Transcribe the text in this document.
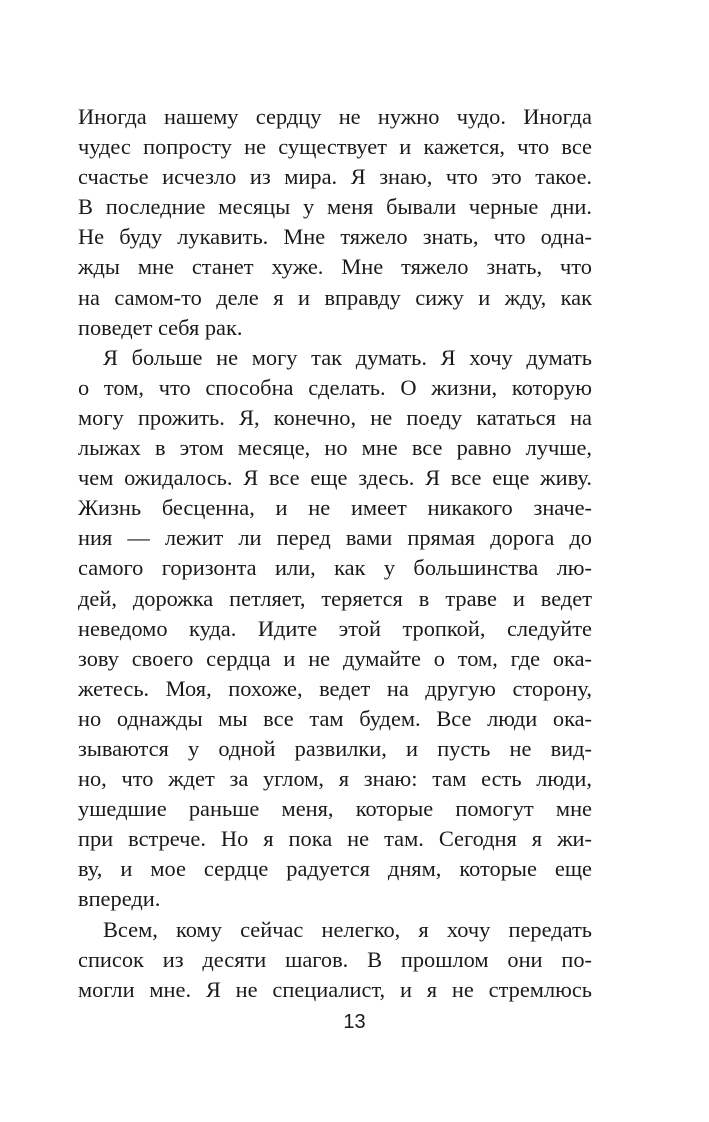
Иногда нашему сердцу не нужно чудо. Иногда
чудес попросту не существует и кажется, что все
счастье исчезло из мира. Я знаю, что это такое.
В последние месяцы у меня бывали черные дни.
Не буду лукавить. Мне тяжело знать, что одна-
жды мне станет хуже. Мне тяжело знать, что
на самом-то деле я и вправду сижу и жду, как
поведет себя рак.
Я больше не могу так думать. Я хочу думать
о том, что способна сделать. О жизни, которую
могу прожить. Я, конечно, не поеду кататься на
лыжах в этом месяце, но мне все равно лучше,
чем ожидалось. Я все еще здесь. Я все еще живу.
Жизнь бесценна, и не имеет никакого значе-
ния — лежит ли перед вами прямая дорога до
самого горизонта или, как у большинства лю-
дей, дорожка петляет, теряется в траве и ведет
неведомо куда. Идите этой тропкой, следуйте
зову своего сердца и не думайте о том, где ока-
жетесь. Моя, похоже, ведет на другую сторону,
но однажды мы все там будем. Все люди ока-
зываются у одной развилки, и пусть не вид-
но, что ждет за углом, я знаю: там есть люди,
ушедшие раньше меня, которые помогут мне
при встрече. Но я пока не там. Сегодня я жи-
ву, и мое сердце радуется дням, которые еще
впереди.
Всем, кому сейчас нелегко, я хочу передать
список из десяти шагов. В прошлом они по-
могли мне. Я не специалист, и я не стремлюсь
13
